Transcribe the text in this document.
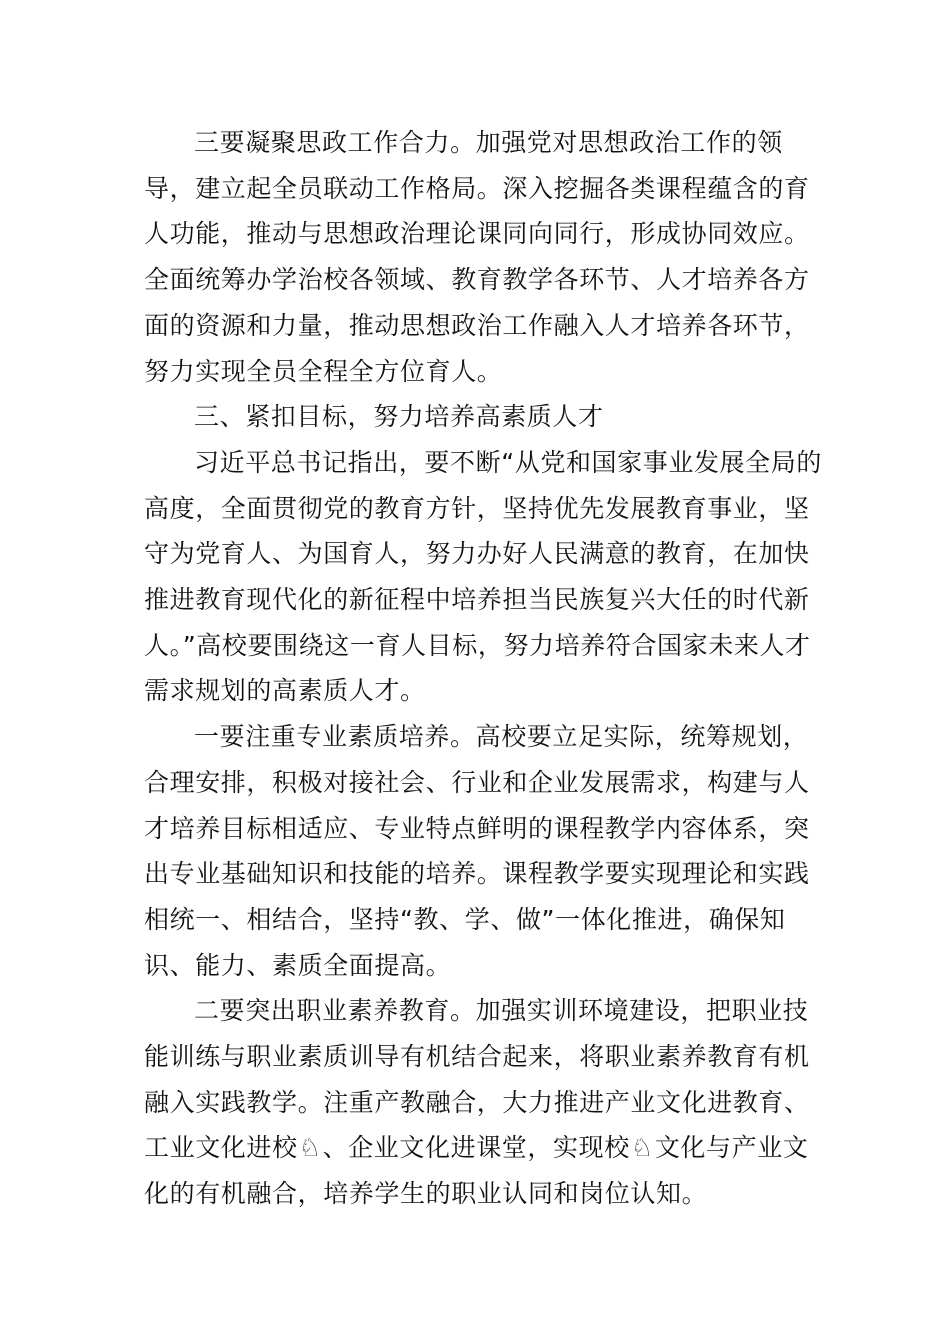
三要凝聚思政工作合力。加强党对思想政治工作的领导，建立起全员联动工作格局。深入挖掘各类课程蕴含的育人功能，推动与思想政治理论课同向同行，形成协同效应。全面统筹办学治校各领域、教育教学各环节、人才培养各方面的资源和力量，推动思想政治工作融入人才培养各环节，努力实现全员全程全方位育人。

三、紧扣目标，努力培养高素质人才

习近平总书记指出，要不断“从党和国家事业发展全局的高度，全面贯彻党的教育方针，坚持优先发展教育事业，坚守为党育人、为国育人，努力办好人民满意的教育，在加快推进教育现代化的新征程中培养担当民族复兴大任的时代新人。”高校要围绕这一育人目标，努力培养符合国家未来人才需求规划的高素质人才。

一要注重专业素质培养。高校要立足实际，统筹规划，合理安排，积极对接社会、行业和企业发展需求，构建与人才培养目标相适应、专业特点鲜明的课程教学内容体系，突出专业基础知识和技能的培养。课程教学要实现理论和实践相统一、相结合，坚持“教、学、做”一体化推进，确保知识、能力、素质全面提高。

二要突出职业素养教育。加强实训环境建设，把职业技能训练与职业素质训导有机结合起来，将职业素养教育有机融入实践教学。注重产教融合，大力推进产业文化进教育、
工业文化进校♘、企业文化进课堂，实现校♘文化与产业文化的有机融合，培养学生的职业认同和岗位认知。
